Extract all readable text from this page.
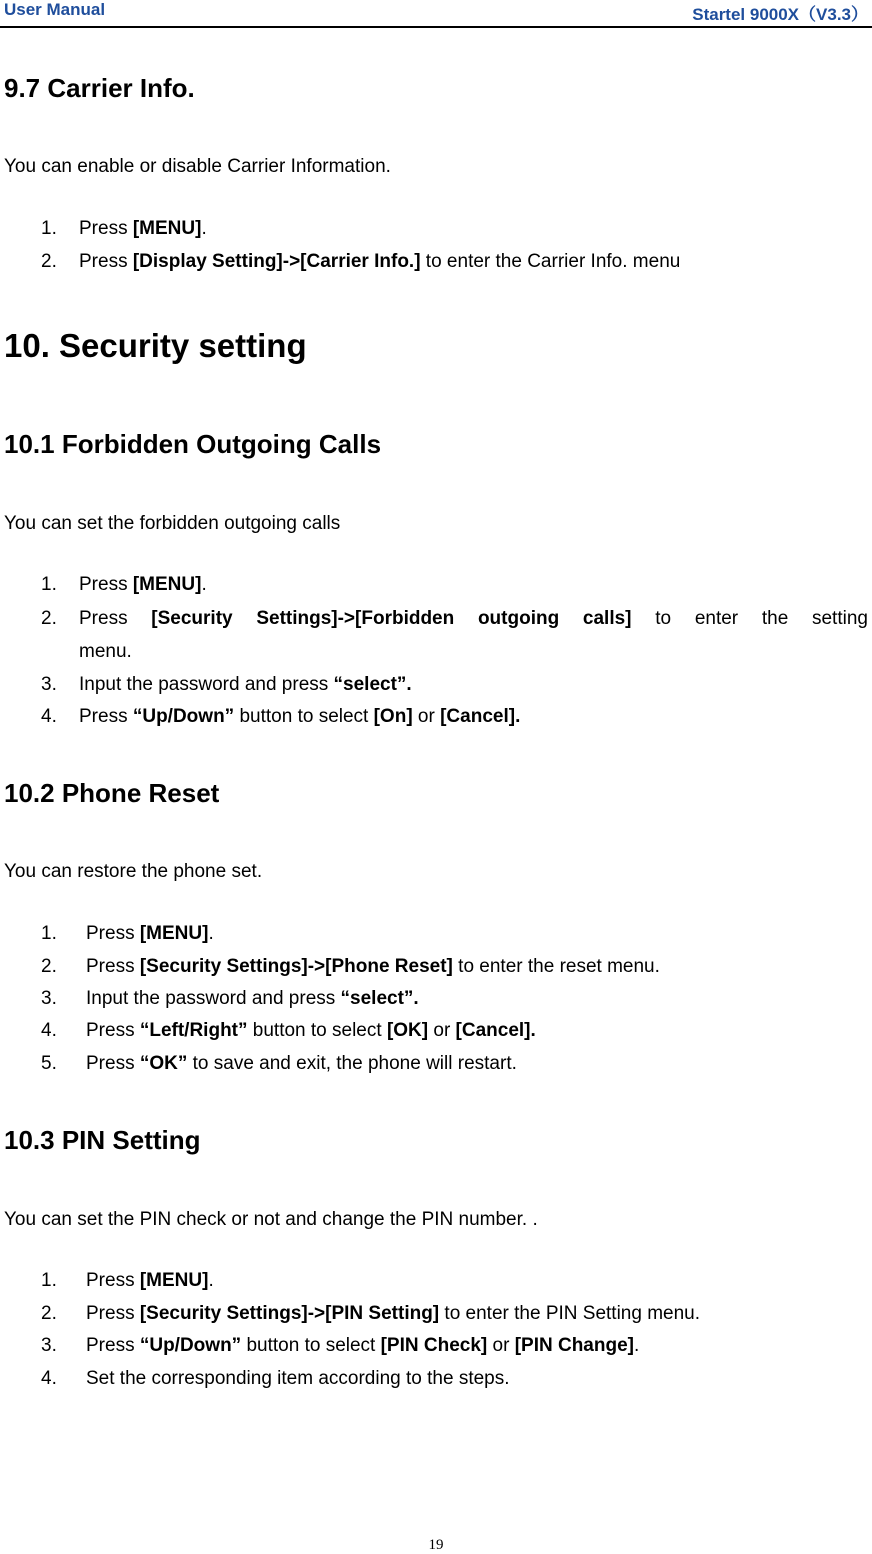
User Manual	Startel 9000X（V3.3）
9.7 Carrier Info.
You can enable or disable Carrier Information.
1. Press [MENU].
2. Press [Display Setting]->[Carrier Info.] to enter the Carrier Info. menu
10. Security setting
10.1 Forbidden Outgoing Calls
You can set the forbidden outgoing calls
1. Press [MENU].
2. Press [Security Settings]->[Forbidden outgoing calls] to enter the setting
menu.
3. Input the password and press “select”.
4. Press “Up/Down” button to select [On] or [Cancel].
10.2 Phone Reset
You can restore the phone set.
1. Press [MENU].
2. Press [Security Settings]->[Phone Reset] to enter the reset menu.
3. Input the password and press “select”.
4. Press “Left/Right” button to select [OK] or [Cancel].
5. Press “OK” to save and exit, the phone will restart.
10.3 PIN Setting
You can set the PIN check or not and change the PIN number. .
1. Press [MENU].
2. Press [Security Settings]->[PIN Setting] to enter the PIN Setting menu.
3. Press “Up/Down” button to select [PIN Check] or [PIN Change].
4. Set the corresponding item according to the steps.
19
